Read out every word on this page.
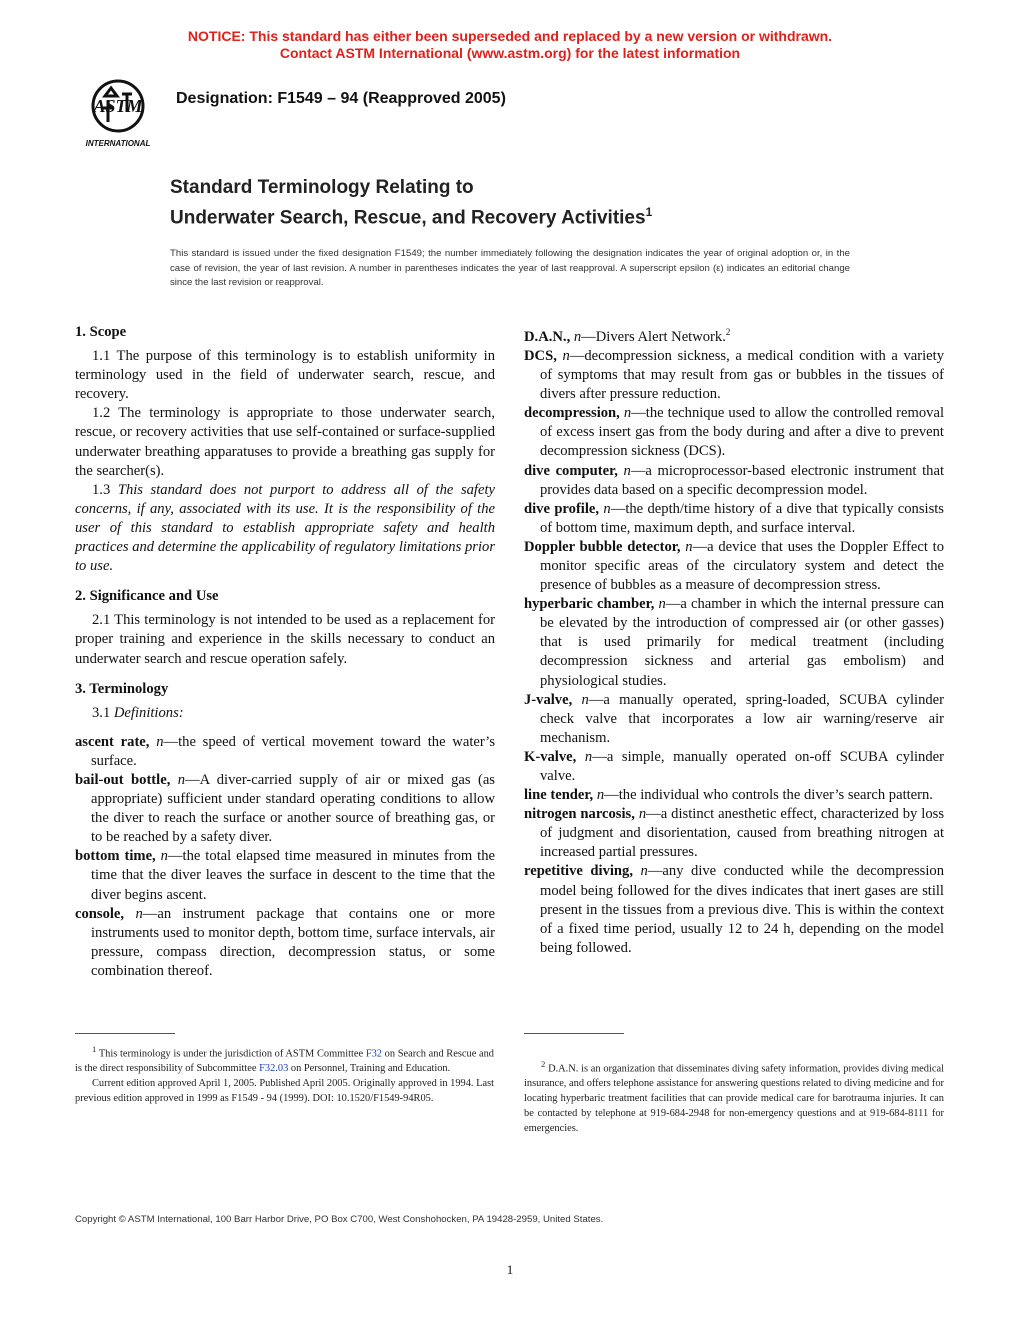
NOTICE: This standard has either been superseded and replaced by a new version or withdrawn.
Contact ASTM International (www.astm.org) for the latest information
ASTM
INTERNATIONAL
Designation: F1549 – 94 (Reapproved 2005)
Standard Terminology Relating to
Underwater Search, Rescue, and Recovery Activities$^1$
This standard is issued under the fixed designation F1549; the number immediately following the designation indicates the year of original adoption or, in the case of revision, the year of last revision. A number in parentheses indicates the year of last reapproval. A superscript epsilon (ε) indicates an editorial change since the last revision or reapproval.

1. Scope

1.1 The purpose of this terminology is to establish uniformity in terminology used in the field of underwater search, rescue, and recovery.

1.2 The terminology is appropriate to those underwater search, rescue, or recovery activities that use self-contained or surface-supplied underwater breathing apparatuses to provide a breathing gas supply for the searcher(s).

1.3 This standard does not purport to address all of the safety concerns, if any, associated with its use. It is the responsibility of the user of this standard to establish appropriate safety and health practices and determine the applicability of regulatory limitations prior to use.

2. Significance and Use

2.1 This terminology is not intended to be used as a replacement for proper training and experience in the skills necessary to conduct an underwater search and rescue operation safely.

3. Terminology

3.1 Definitions:

ascent rate, n—the speed of vertical movement toward the water’s surface.

bail-out bottle, n—A diver-carried supply of air or mixed gas (as appropriate) sufficient under standard operating conditions to allow the diver to reach the surface or another source of breathing gas, or to be reached by a safety diver.

bottom time, n—the total elapsed time measured in minutes from the time that the diver leaves the surface in descent to the time that the diver begins ascent.

console, n—an instrument package that contains one or more instruments used to monitor depth, bottom time, surface intervals, air pressure, compass direction, decompression status, or some combination thereof.

D.A.N., n—Divers Alert Network.$^2$

DCS, n—decompression sickness, a medical condition with a variety of symptoms that may result from gas or bubbles in the tissues of divers after pressure reduction.

decompression, n—the technique used to allow the controlled removal of excess insert gas from the body during and after a dive to prevent decompression sickness (DCS).

dive computer, n—a microprocessor-based electronic instrument that provides data based on a specific decompression model.

dive profile, n—the depth/time history of a dive that typically consists of bottom time, maximum depth, and surface interval.

Doppler bubble detector, n—a device that uses the Doppler Effect to monitor specific areas of the circulatory system and detect the presence of bubbles as a measure of decompression stress.

hyperbaric chamber, n—a chamber in which the internal pressure can be elevated by the introduction of compressed air (or other gasses) that is used primarily for medical treatment (including decompression sickness and arterial gas embolism) and physiological studies.

J-valve, n—a manually operated, spring-loaded, SCUBA cylinder check valve that incorporates a low air warning/reserve air mechanism.

K-valve, n—a simple, manually operated on-off SCUBA cylinder valve.

line tender, n—the individual who controls the diver’s search pattern.

nitrogen narcosis, n—a distinct anesthetic effect, characterized by loss of judgment and disorientation, caused from breathing nitrogen at increased partial pressures.

repetitive diving, n—any dive conducted while the decompression model being followed for the dives indicates that inert gases are still present in the tissues from a previous dive. This is within the context of a fixed time period, usually 12 to 24 h, depending on the model being followed.

$^1$ This terminology is under the jurisdiction of ASTM Committee F32 on Search and Rescue and is the direct responsibility of Subcommittee F32.03 on Personnel, Training and Education.
Current edition approved April 1, 2005. Published April 2005. Originally approved in 1994. Last previous edition approved in 1999 as F1549 - 94 (1999). DOI: 10.1520/F1549-94R05.
$^2$ D.A.N. is an organization that disseminates diving safety information, provides diving medical insurance, and offers telephone assistance for answering questions related to diving medicine and for locating hyperbaric treatment facilities that can provide medical care for barotrauma injuries. It can be contacted by telephone at 919-684-2948 for non-emergency questions and at 919-684-8111 for emergencies.
Copyright © ASTM International, 100 Barr Harbor Drive, PO Box C700, West Conshohocken, PA 19428-2959, United States.
1
